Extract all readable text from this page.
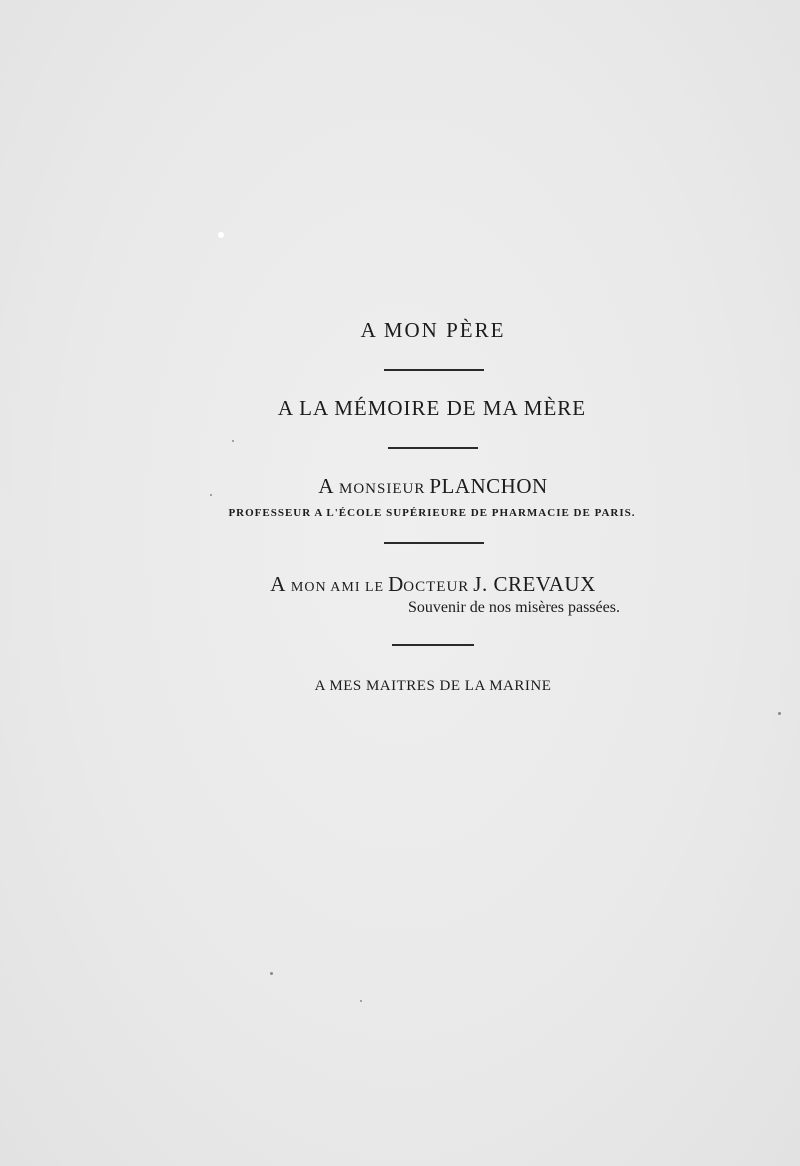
A MON PÈRE
A LA MÉMOIRE DE MA MÈRE
A MONSIEUR PLANCHON
PROFESSEUR A L'ÉCOLE SUPÉRIEURE DE PHARMACIE DE PARIS.
A MON AMI LE DOCTEUR J. CREVAUX
Souvenir de nos misères passées.
A MES MAITRES DE LA MARINE
